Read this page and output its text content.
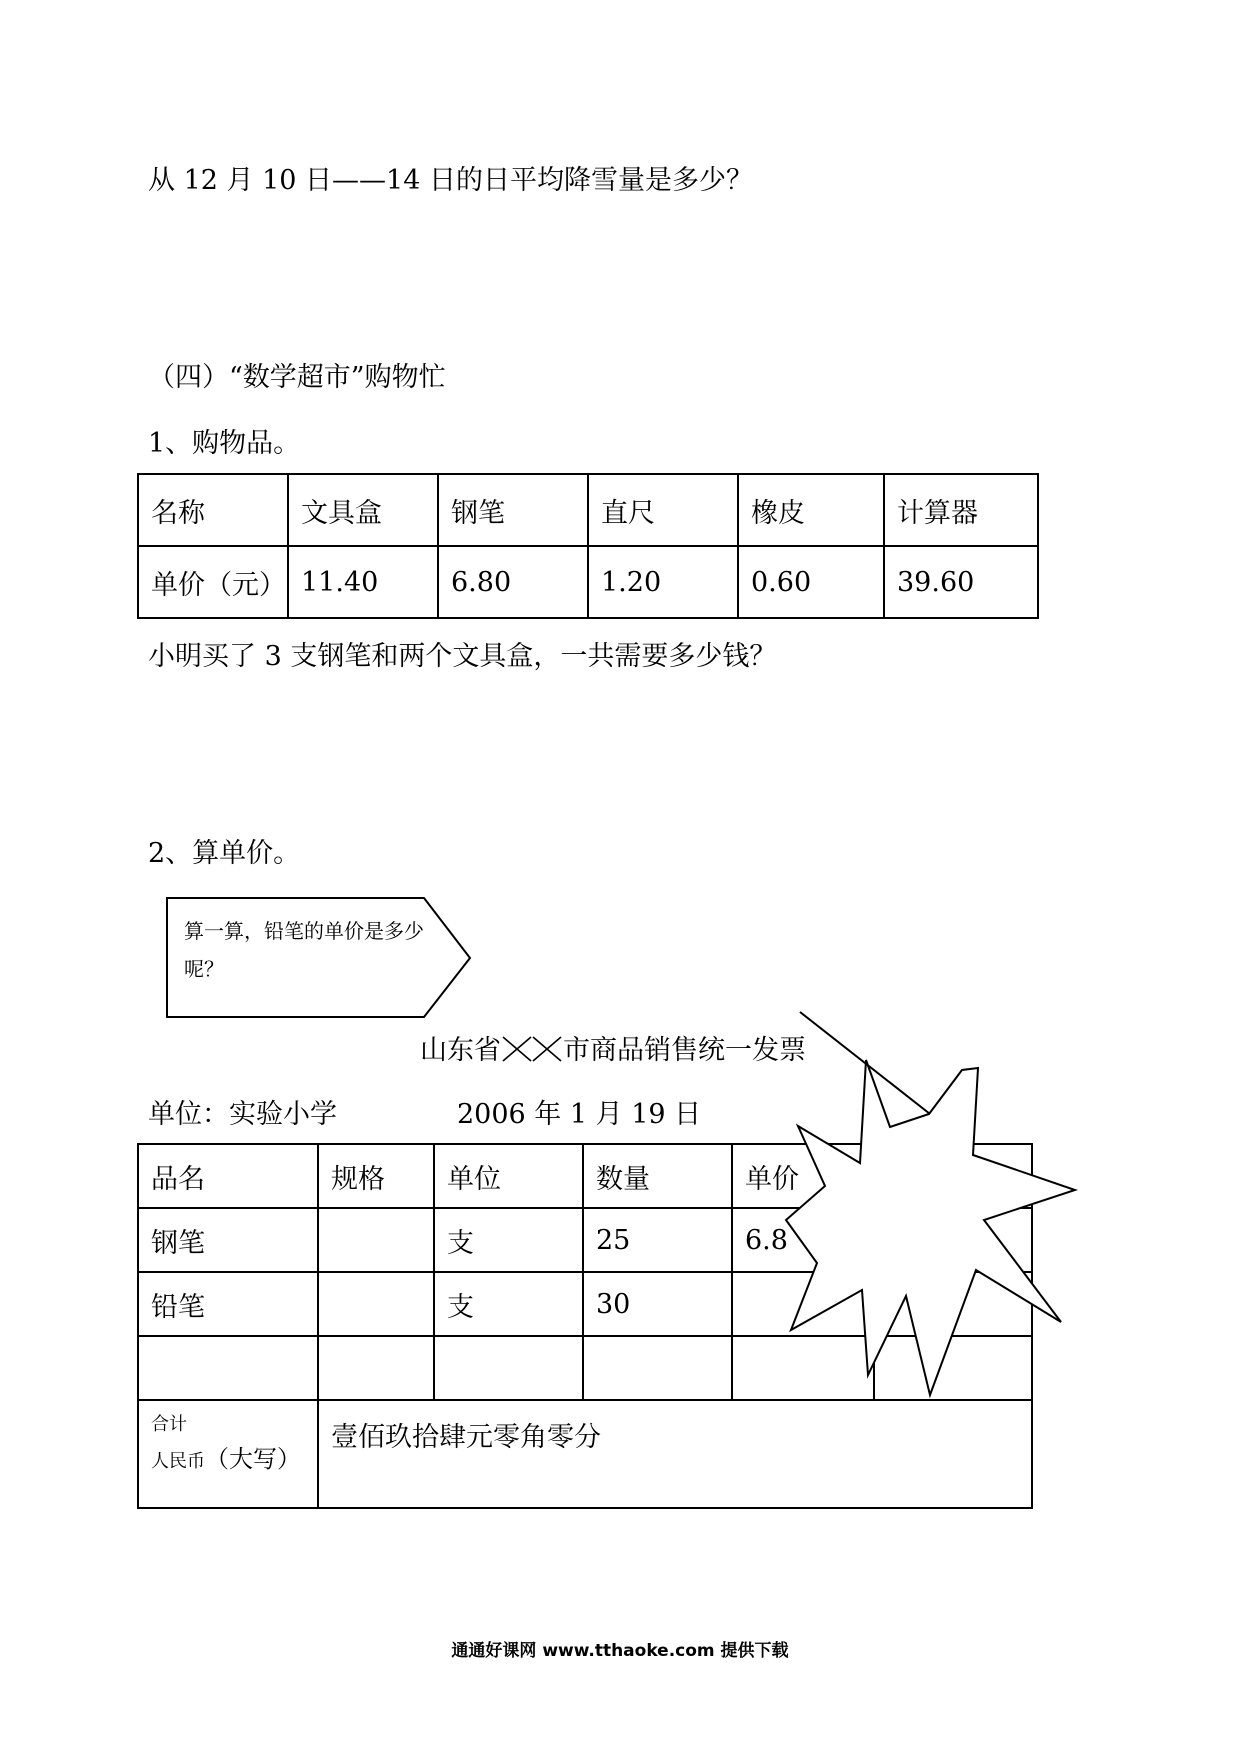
从 12 月 10 日——14 日的日平均降雪量是多少？
（四）“数学超市”购物忙
1、购物品。
名称	文具盒	钢笔	直尺	橡皮	计算器
单价（元）	11.40	6.80	1.20	0.60	39.60
小明买了 3 支钢笔和两个文具盒，一共需要多少钱？
2、算单价。
算一算，铅笔的单价是多少呢？
山东省 市商品销售统一发票
单位：实验小学	2006 年 1 月 19 日
品名	规格	单位	数量	单价	
钢笔		支	25	6.8	
铅笔		支	30		

合计
人民币（大写）	壹佰玖拾肆元零角零分				
通通好课网 www.tthaoke.com 提供下载
